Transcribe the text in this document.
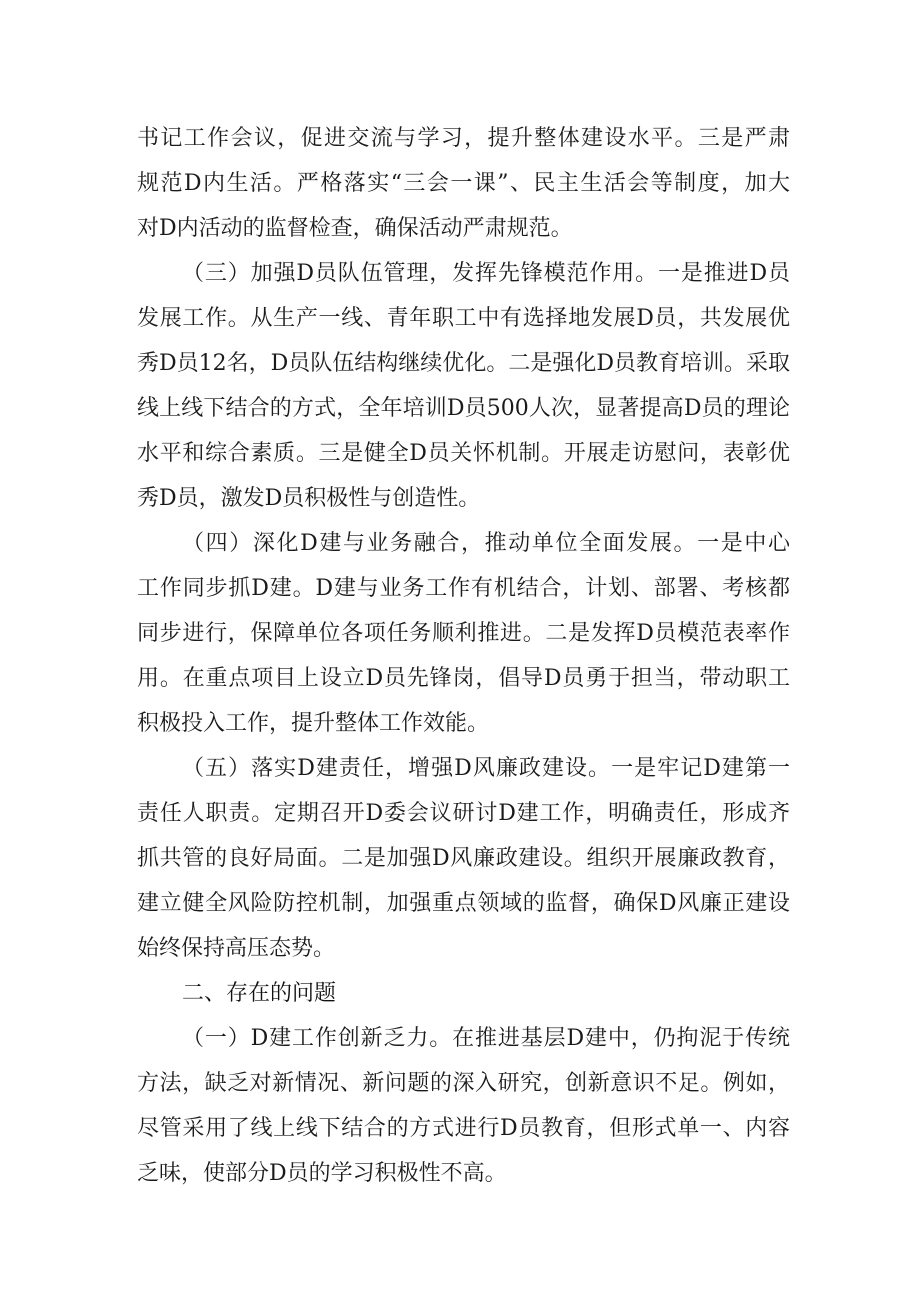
书记工作会议，促进交流与学习，提升整体建设水平。三是严肃
规范D内生活。严格落实“三会一课”、民主生活会等制度，加大
对D内活动的监督检查，确保活动严肃规范。
（三）加强D员队伍管理，发挥先锋模范作用。一是推进D员
发展工作。从生产一线、青年职工中有选择地发展D员，共发展优
秀D员12名，D员队伍结构继续优化。二是强化D员教育培训。采取
线上线下结合的方式，全年培训D员500人次，显著提高D员的理论
水平和综合素质。三是健全D员关怀机制。开展走访慰问，表彰优
秀D员，激发D员积极性与创造性。
（四）深化D建与业务融合，推动单位全面发展。一是中心
工作同步抓D建。D建与业务工作有机结合，计划、部署、考核都
同步进行，保障单位各项任务顺利推进。二是发挥D员模范表率作
用。在重点项目上设立D员先锋岗，倡导D员勇于担当，带动职工
积极投入工作，提升整体工作效能。
（五）落实D建责任，增强D风廉政建设。一是牢记D建第一
责任人职责。定期召开D委会议研讨D建工作，明确责任，形成齐
抓共管的良好局面。二是加强D风廉政建设。组织开展廉政教育，
建立健全风险防控机制，加强重点领域的监督，确保D风廉正建设
始终保持高压态势。
二、存在的问题
（一）D建工作创新乏力。在推进基层D建中，仍拘泥于传统
方法，缺乏对新情况、新问题的深入研究，创新意识不足。例如，
尽管采用了线上线下结合的方式进行D员教育，但形式单一、内容
乏味，使部分D员的学习积极性不高。
